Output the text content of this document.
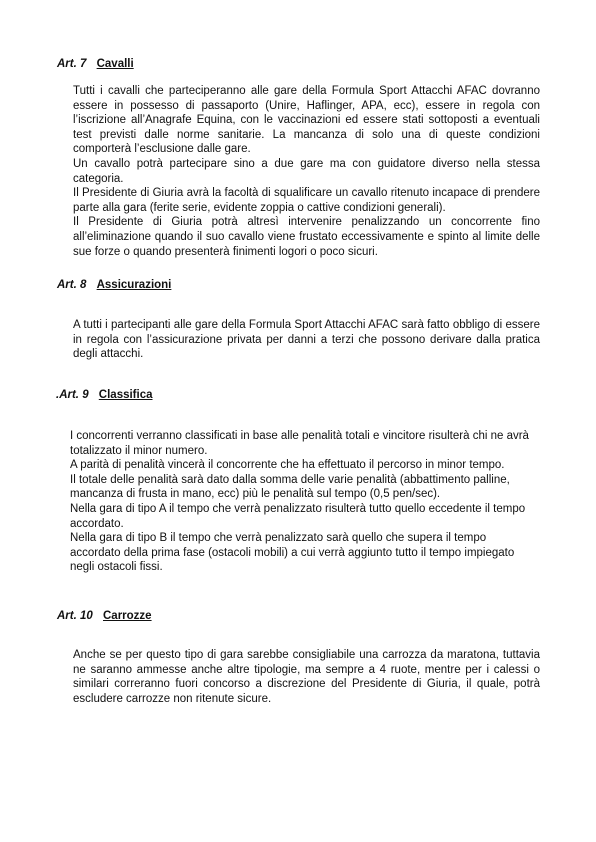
Art. 7 Cavalli
Tutti i cavalli che parteciperanno alle gare della Formula Sport Attacchi AFAC dovranno essere in possesso di passaporto (Unire, Haflinger, APA, ecc), essere in regola con l’iscrizione all’Anagrafe Equina, con le vaccinazioni ed essere stati sottoposti a eventuali test previsti dalle norme sanitarie. La mancanza di solo una di queste condizioni comporterà l’esclusione dalle gare.
Un cavallo potrà partecipare sino a due gare ma con guidatore diverso nella stessa categoria.
Il Presidente di Giuria avrà la facoltà di squalificare un cavallo ritenuto incapace di prendere parte alla gara (ferite serie, evidente zoppia o cattive condizioni generali).
Il Presidente di Giuria potrà altresì intervenire penalizzando un concorrente fino all’eliminazione quando il suo cavallo viene frustato eccessivamente e spinto al limite delle sue forze o quando presenterà finimenti logori o poco sicuri.
Art. 8 Assicurazioni
A tutti i partecipanti alle gare della Formula Sport Attacchi AFAC sarà fatto obbligo di essere in regola con l’assicurazione privata per danni a terzi che possono derivare dalla pratica degli attacchi.
.Art. 9 Classifica
I concorrenti verranno classificati in base alle penalità totali e vincitore risulterà chi ne avrà totalizzato il minor numero.
A parità di penalità vincerà il concorrente che ha effettuato il percorso in minor tempo.
Il totale delle penalità sarà dato dalla somma delle varie penalità (abbattimento palline, mancanza di frusta in mano, ecc) più le penalità sul tempo (0,5 pen/sec).
Nella gara di tipo A il tempo che verrà penalizzato risulterà tutto quello eccedente il tempo accordato.
Nella gara di tipo B il tempo che verrà penalizzato sarà quello che supera il tempo accordato della prima fase (ostacoli mobili) a cui verrà aggiunto tutto il tempo impiegato negli ostacoli fissi.
Art. 10 Carrozze
Anche se per questo tipo di gara sarebbe consigliabile una carrozza da maratona, tuttavia ne saranno ammesse anche altre tipologie, ma sempre a 4 ruote, mentre per i calessi o similari correranno fuori concorso a discrezione del Presidente di Giuria, il quale, potrà escludere carrozze non ritenute sicure.
